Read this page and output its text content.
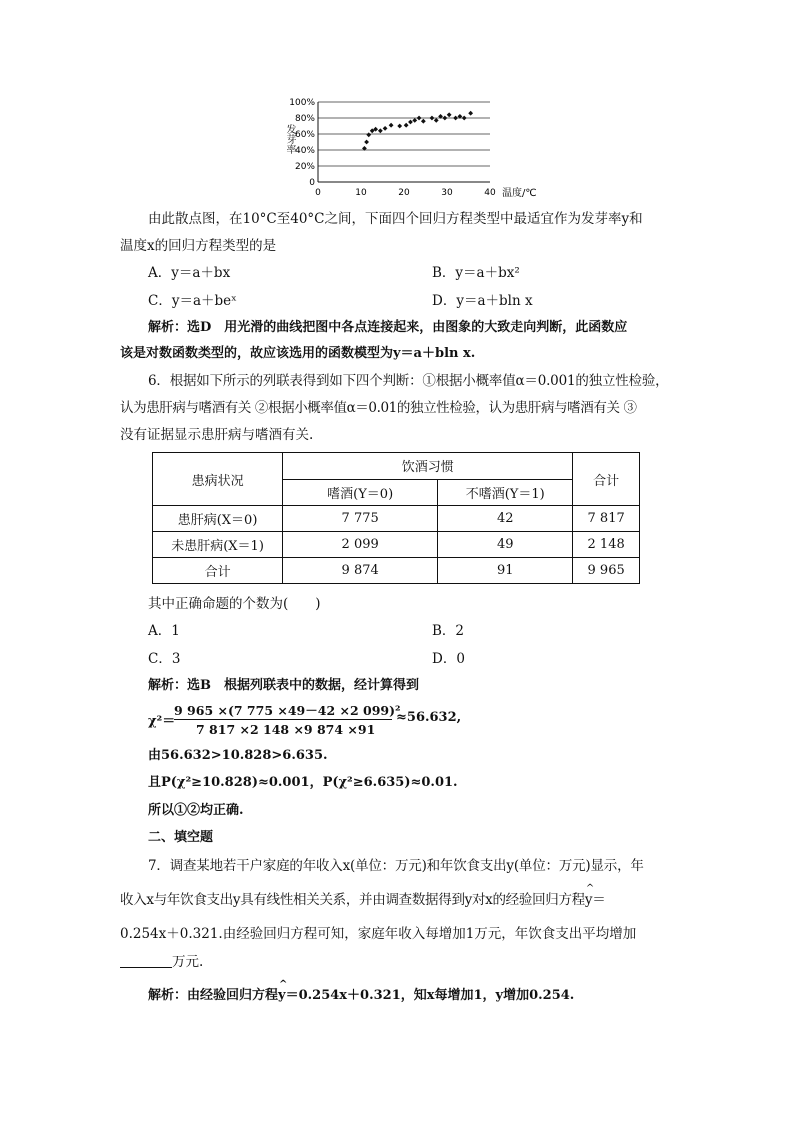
0
20%
40%
60%
80%
100%
0	10	20	30	40 温度/℃
发芽率
由此散点图，在10°C至40°C之间，下面四个回归方程类型中最适宜作为发芽率y和
温度x的回归方程类型的是
A．y＝a＋bx	B．y＝a＋bx²
C．y＝a＋beˣ	D．y＝a＋bln x
解析：选D　用光滑的曲线把图中各点连接起来，由图象的大致走向判断，此函数应
该是对数函数类型的，故应该选用的函数模型为y＝a＋bln x.
6．根据如下所示的列联表得到如下四个判断：①根据小概率值α＝0.001的独立性检验，
认为患肝病与嗜酒有关 ②根据小概率值α＝0.01的独立性检验，认为患肝病与嗜酒有关 ③
没有证据显示患肝病与嗜酒有关.
患病状况	饮酒习惯		合计
	嗜酒(Y＝0)	不嗜酒(Y＝1)	
患肝病(X＝0)	7 775	42	7 817
未患肝病(X＝1)	2 099	49	2 148
合计	9 874	91	9 965
其中正确命题的个数为(　　)
A．1	B．2
C．3	D．0
解析：选B　根据列联表中的数据，经计算得到
χ²＝
9 965 ×(7 775 ×49－42 ×2 099)²
7 817 ×2 148 ×9 874 ×91
≈56.632,
由56.632>10.828>6.635.
且P(χ²≥10.828)≈0.001，P(χ²≥6.635)≈0.01.
所以①②均正确.
二、填空题
7．调查某地若干户家庭的年收入x(单位：万元)和年饮食支出y(单位：万元)显示，年
收入x与年饮食支出y具有线性相关关系，并由调查数据得到y对x的经验回归方程
^
y＝
0.254x＋0.321.由经验回归方程可知，家庭年收入每增加1万元，年饮食支出平均增加
万元.
解析：由经验回归方程
^
y＝0.254x＋0.321，知x每增加1，y增加0.254.
